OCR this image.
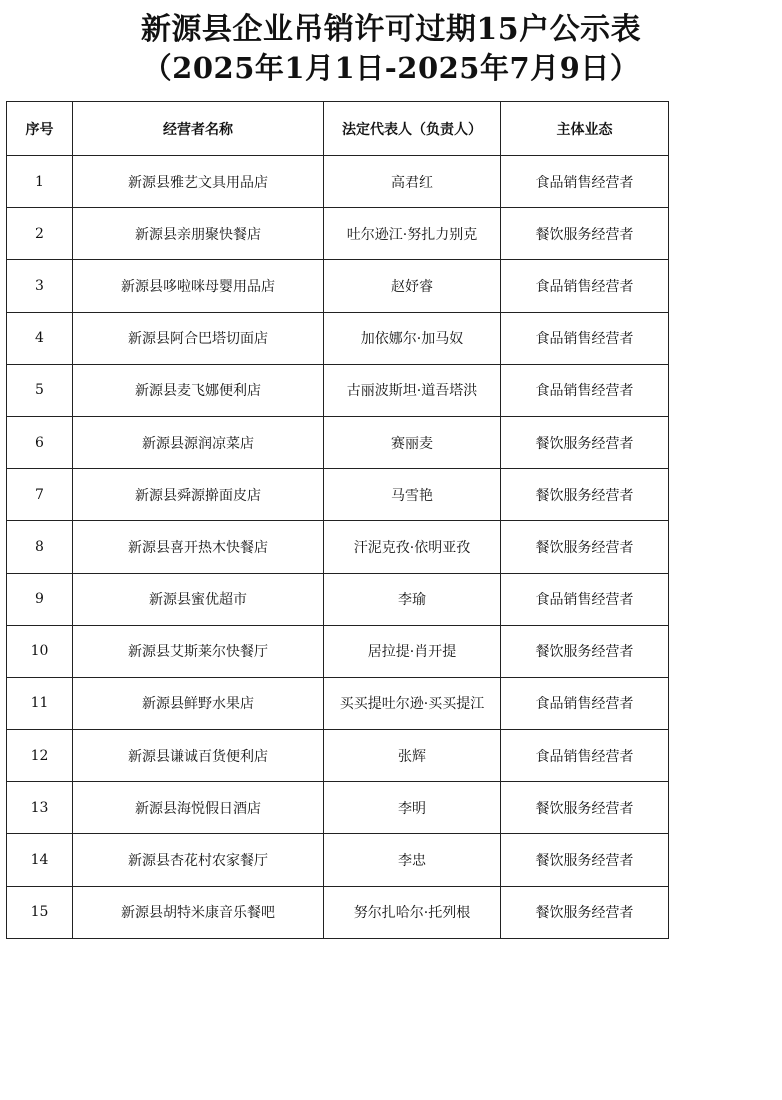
新源县企业吊销许可过期15户公示表
（2025年1月1日-2025年7月9日）
序号	经营者名称	法定代表人（负责人）	主体业态
1	新源县雅艺文具用品店	高君红	食品销售经营者
2	新源县亲朋聚快餐店	吐尔逊江·努扎力别克	餐饮服务经营者
3	新源县哆啦咪母婴用品店	赵妤睿	食品销售经营者
4	新源县阿合巴塔切面店	加依娜尔·加马奴	食品销售经营者
5	新源县麦飞娜便利店	古丽波斯坦·道吾塔洪	食品销售经营者
6	新源县源润凉菜店	赛丽麦	餐饮服务经营者
7	新源县舜源擀面皮店	马雪艳	餐饮服务经营者
8	新源县喜开热木快餐店	汗泥克孜·依明亚孜	餐饮服务经营者
9	新源县蜜优超市	李瑜	食品销售经营者
10	新源县艾斯莱尔快餐厅	居拉提·肖开提	餐饮服务经营者
11	新源县鲜野水果店	买买提吐尔逊·买买提江	食品销售经营者
12	新源县谦诚百货便利店	张辉	食品销售经营者
13	新源县海悦假日酒店	李明	餐饮服务经营者
14	新源县杏花村农家餐厅	李忠	餐饮服务经营者
15	新源县胡特米康音乐餐吧	努尔扎哈尔·托列根	餐饮服务经营者
